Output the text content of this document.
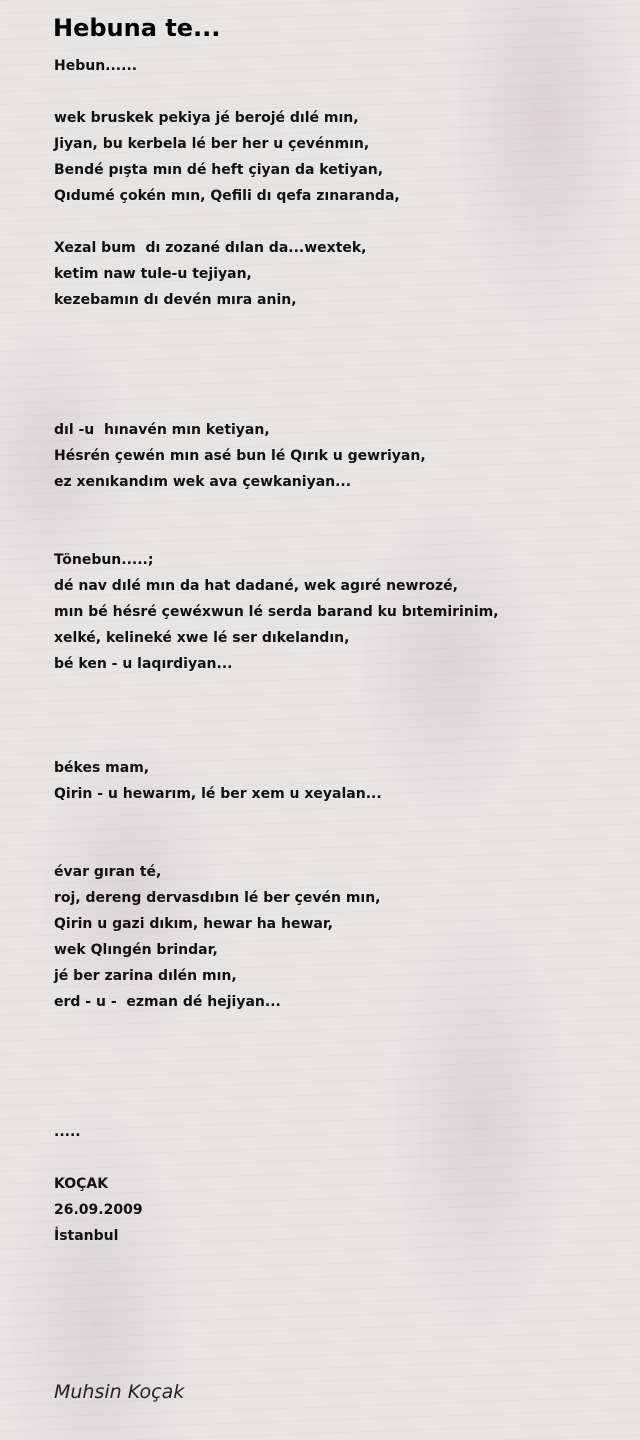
Hebuna te...
Hebun......
wek bruskek pekiya jé berojé dılé mın,
Jiyan, bu kerbela lé ber her u çevénmın,
Bendé pışta mın dé heft çiyan da ketiyan,
Qıdumé çokén mın, Qefili dı qefa zınaranda,
Xezal bum  dı zozané dılan da...wextek,
ketim naw tule-u tejiyan,
kezebamın dı devén mıra anin,
dıl -u  hınavén mın ketiyan,
Hésrén çewén mın asé bun lé Qırık u gewriyan,
ez xenıkandım wek ava çewkaniyan...
Tönebun.....;
dé nav dılé mın da hat dadané, wek agıré newrozé,
mın bé hésré çewéxwun lé serda barand ku bıtemirinim,
xelké, kelineké xwe lé ser dıkelandın,
bé ken - u laqırdiyan...
békes mam,
Qirin - u hewarım, lé ber xem u xeyalan...
évar gıran té,
roj, dereng dervasdıbın lé ber çevén mın,
Qirin u gazi dıkım, hewar ha hewar,
wek Qlıngén brindar,
jé ber zarina dılén mın,
erd - u -  ezman dé hejiyan...
.....
KOÇAK
26.09.2009
İstanbul

Muhsin Koçak
